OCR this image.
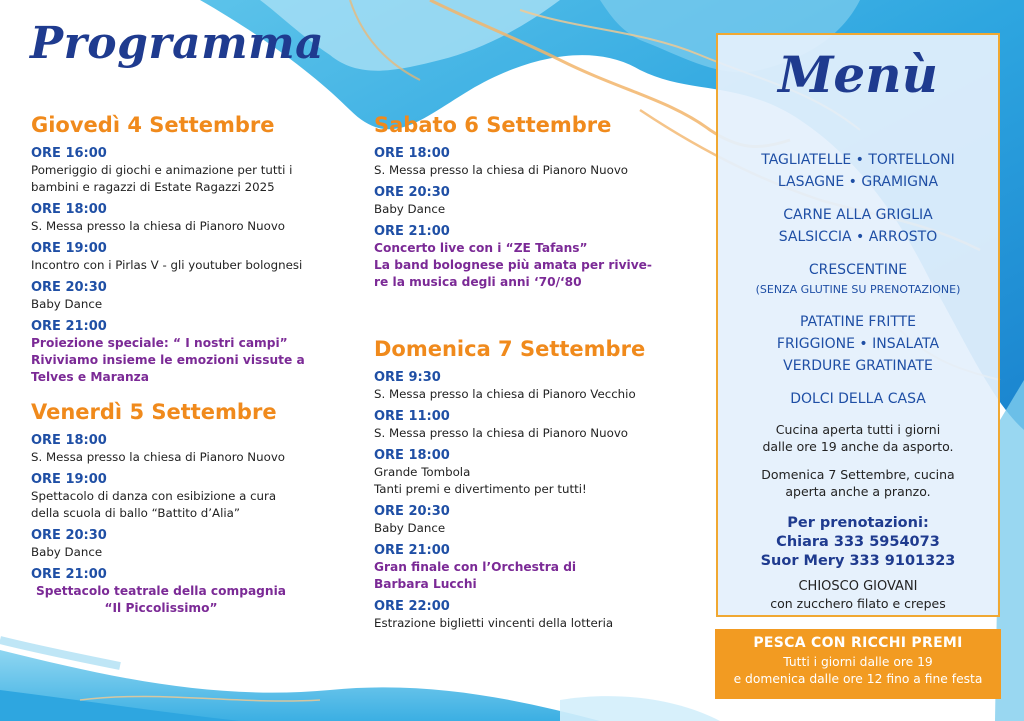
Programma
Giovedì 4 Settembre
ORE 16:00
Pomeriggio di giochi e animazione per tutti i
bambini e ragazzi di Estate Ragazzi 2025
ORE 18:00
S. Messa presso la chiesa di Pianoro Nuovo
ORE 19:00
Incontro con i Pirlas V - gli youtuber bolognesi
ORE 20:30
Baby Dance
ORE 21:00
Proiezione speciale: “ I nostri campi”
Riviviamo insieme le emozioni vissute a
Telves e Maranza
Venerdì 5 Settembre
ORE 18:00
S. Messa presso la chiesa di Pianoro Nuovo
ORE 19:00
Spettacolo di danza con esibizione a cura
della scuola di ballo “Battito d’Alia”
ORE 20:30
Baby Dance
ORE 21:00
Spettacolo teatrale della compagnia
“Il Piccolissimo”
Sabato 6 Settembre
ORE 18:00
S. Messa presso la chiesa di Pianoro Nuovo
ORE 20:30
Baby Dance
ORE 21:00
Concerto live con i “ZE Tafans”
La band bolognese più amata per rivive-
re la musica degli anni ‘70/‘80
Domenica 7 Settembre
ORE 9:30
S. Messa presso la chiesa di Pianoro Vecchio
ORE 11:00
S. Messa presso la chiesa di Pianoro Nuovo
ORE 18:00
Grande Tombola
Tanti premi e divertimento per tutti!
ORE 20:30
Baby Dance
ORE 21:00
Gran finale con l’Orchestra di
Barbara Lucchi
ORE 22:00
Estrazione biglietti vincenti della lotteria
Menù
TAGLIATELLE • TORTELLONI
LASAGNE • GRAMIGNA
CARNE ALLA GRIGLIA
SALSICCIA • ARROSTO
CRESCENTINE
(SENZA GLUTINE SU PRENOTAZIONE)
PATATINE FRITTE
FRIGGIONE • INSALATA
VERDURE GRATINATE
DOLCI DELLA CASA
Cucina aperta tutti i giorni
dalle ore 19 anche da asporto.
Domenica 7 Settembre, cucina
aperta anche a pranzo.
Per prenotazioni:
Chiara 333 5954073
Suor Mery 333 9101323
CHIOSCO GIOVANI
con zucchero filato e crepes
PESCA CON RICCHI PREMI
Tutti i giorni dalle ore 19
e domenica dalle ore 12 fino a fine festa
